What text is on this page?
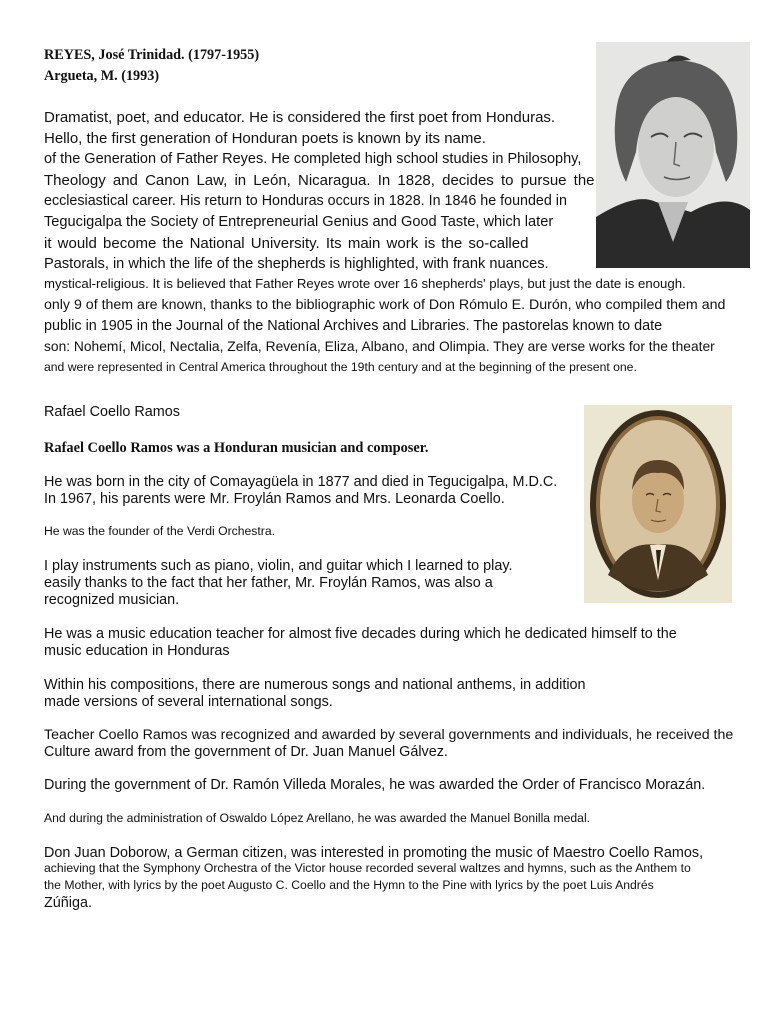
REYES, José Trinidad. (1797-1955)
Argueta, M. (1993)
Dramatist, poet, and educator. He is considered the first poet from Honduras.
Hello, the first generation of Honduran poets is known by its name.
of the Generation of Father Reyes. He completed high school studies in Philosophy,
Theology and Canon Law, in León, Nicaragua. In 1828, decides to pursue the
ecclesiastical career. His return to Honduras occurs in 1828. In 1846 he founded in
Tegucigalpa the Society of Entrepreneurial Genius and Good Taste, which later
it would become the National University. Its main work is the so-called
Pastorals, in which the life of the shepherds is highlighted, with frank nuances.
mystical-religious. It is believed that Father Reyes wrote over 16 shepherds' plays, but just the date is enough.
only 9 of them are known, thanks to the bibliographic work of Don Rómulo E. Durón, who compiled them and
public in 1905 in the Journal of the National Archives and Libraries. The pastorelas known to date
son: Nohemí, Micol, Nectalia, Zelfa, Revenía, Eliza, Albano, and Olimpia. They are verse works for the theater
and were represented in Central America throughout the 19th century and at the beginning of the present one.
Rafael Coello Ramos
Rafael Coello Ramos was a Honduran musician and composer.
He was born in the city of Comayagüela in 1877 and died in Tegucigalpa, M.D.C.
In 1967, his parents were Mr. Froylán Ramos and Mrs. Leonarda Coello.
He was the founder of the Verdi Orchestra.
I play instruments such as piano, violin, and guitar which I learned to play.
easily thanks to the fact that her father, Mr. Froylán Ramos, was also a
recognized musician.
He was a music education teacher for almost five decades during which he dedicated himself to the
music education in Honduras
Within his compositions, there are numerous songs and national anthems, in addition
made versions of several international songs.
Teacher Coello Ramos was recognized and awarded by several governments and individuals, he received the
Culture award from the government of Dr. Juan Manuel Gálvez.
During the government of Dr. Ramón Villeda Morales, he was awarded the Order of Francisco Morazán.
And during the administration of Oswaldo López Arellano, he was awarded the Manuel Bonilla medal.
Don Juan Doborow, a German citizen, was interested in promoting the music of Maestro Coello Ramos,
achieving that the Symphony Orchestra of the Victor house recorded several waltzes and hymns, such as the Anthem to
the Mother, with lyrics by the poet Augusto C. Coello and the Hymn to the Pine with lyrics by the poet Luis Andrés
Zúñiga.
